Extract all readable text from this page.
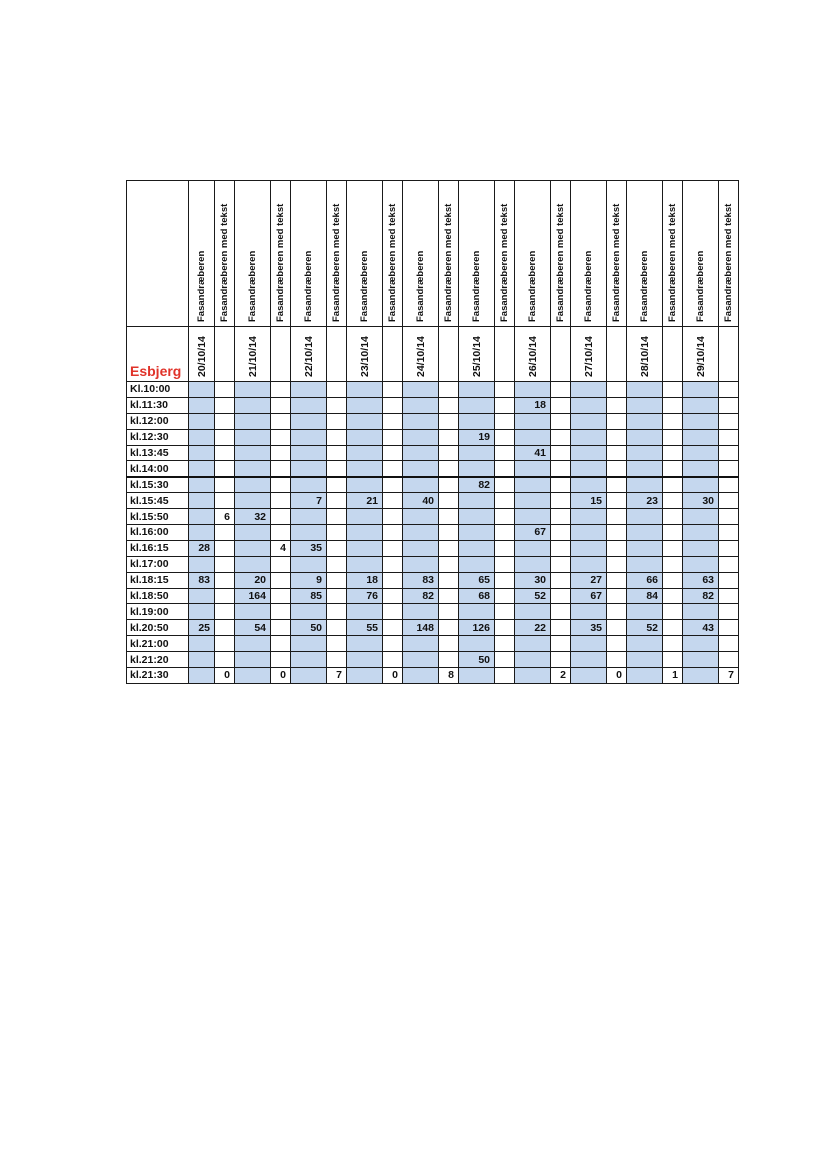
	Fasandræberen	Fasandræberen med tekst	Fasandræberen	Fasandræberen med tekst	Fasandræberen	Fasandræberen med tekst	Fasandræberen	Fasandræberen med tekst	Fasandræberen	Fasandræberen med tekst	Fasandræberen	Fasandræberen med tekst	Fasandræberen	Fasandræberen med tekst	Fasandræberen	Fasandræberen med tekst	Fasandræberen	Fasandræberen med tekst	Fasandræberen	Fasandræberen med tekst

Esbjerg	20/10/14		21/10/14		22/10/14		23/10/14		24/10/14		25/10/14		26/10/14		27/10/14		28/10/14		29/10/14	

Kl.10:00																				
kl.11:30													18							
kl.12:00																				
kl.12:30											19									
kl.13:45													41							
kl.14:00																				
kl.15:30											82									
kl.15:45					7		21		40						15		23		30	
kl.15:50		6	32																	
kl.16:00													67							
kl.16:15	28			4	35															
kl.17:00																				
kl.18:15	83		20		9		18		83		65		30		27		66		63	
kl.18:50			164		85		76		82		68		52		67		84		82	
kl.19:00																				
kl.20:50	25		54		50		55		148		126		22		35		52		43	
kl.21:00																				
kl.21:20											50									
kl.21:30		0		0		7		0		8				2		0		1		7
